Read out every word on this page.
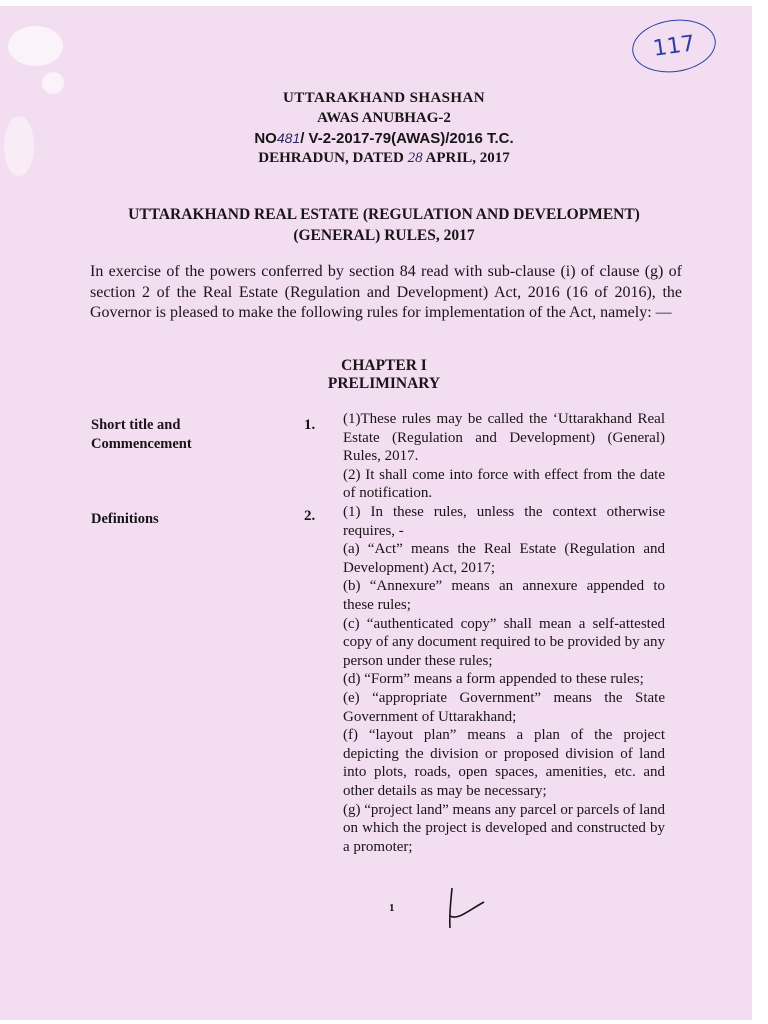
117
UTTARAKHAND SHASHAN
AWAS ANUBHAG-2
NO481/ V-2-2017-79(AWAS)/2016 T.C.
DEHRADUN, DATED 28 APRIL, 2017
UTTARAKHAND REAL ESTATE (REGULATION AND DEVELOPMENT)
(GENERAL) RULES, 2017
In exercise of the powers conferred by section 84 read with sub-clause (i) of clause (g) of section 2 of the Real Estate (Regulation and Development) Act, 2016 (16 of 2016), the Governor is pleased to make the following rules for implementation of the Act, namely: —
CHAPTER I
PRELIMINARY
Short title and
Commencement
1. (1)These rules may be called the ‘Uttarakhand Real Estate (Regulation and Development) (General) Rules, 2017.
(2) It shall come into force with effect from the date of notification.
Definitions	2. (1) In these rules, unless the context otherwise requires, -
(a) “Act” means the Real Estate (Regulation and Development) Act, 2017;
(b) “Annexure” means an annexure appended to these rules;
(c) “authenticated copy” shall mean a self-attested copy of any document required to be provided by any person under these rules;
(d) “Form” means a form appended to these rules;
(e) “appropriate Government” means the State Government of Uttarakhand;
(f) “layout plan” means a plan of the project depicting the division or proposed division of land into plots, roads, open spaces, amenities, etc. and other details as may be necessary;
(g) “project land” means any parcel or parcels of land on which the project is developed and constructed by a promoter;
1
